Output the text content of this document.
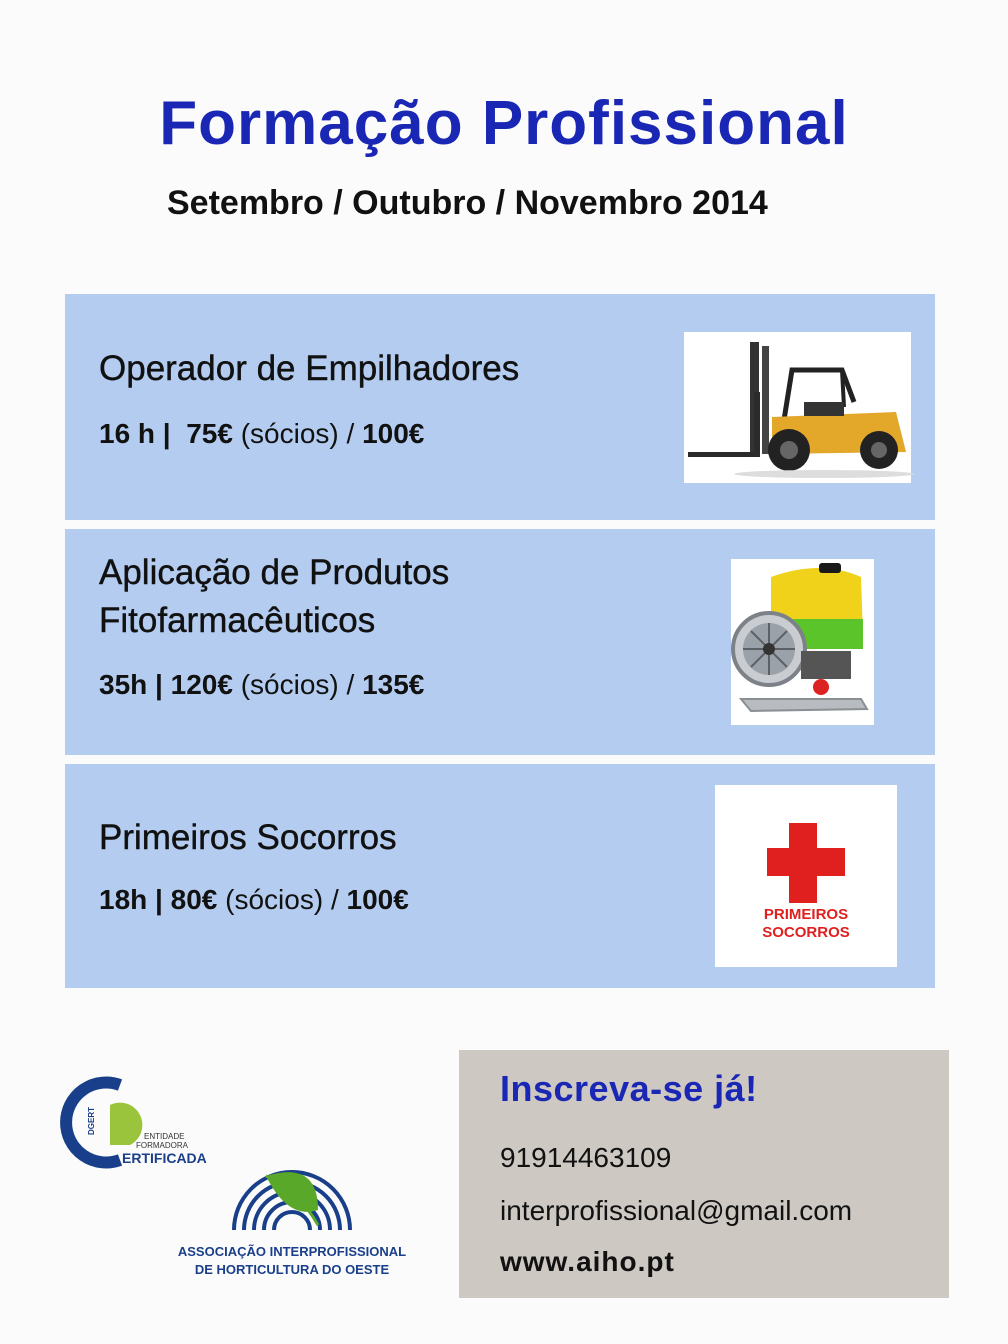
Formação Profissional
Setembro / Outubro / Novembro 2014
Operador de Empilhadores
16 h | 75€ (sócios) / 100€
Aplicação de Produtos
Fitofarmacêuticos
35h | 120€ (sócios) / 135€
Primeiros Socorros
18h | 80€ (sócios) / 100€	PRIMEIROS
SOCORROS
DGERT
ENTIDADE
FORMADORA
ERTIFICADA
ASSOCIAÇÃO INTERPROFISSIONAL
DE HORTICULTURA DO OESTE
Inscreva-se já!
91914463109
interprofissional@gmail.com
www.aiho.pt
